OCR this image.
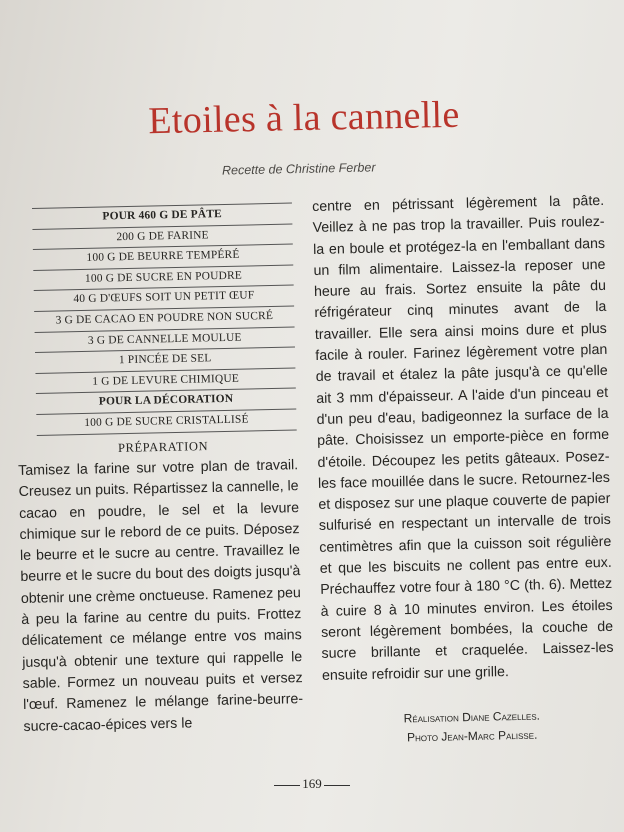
Etoiles à la cannelle
Recette de Christine Ferber
POUR 460 G DE PÂTE
200 G DE FARINE
100 G DE BEURRE TEMPÉRÉ
100 G DE SUCRE EN POUDRE
40 G D'ŒUFS SOIT UN PETIT ŒUF
3 G DE CACAO EN POUDRE NON SUCRÉ
3 G DE CANNELLE MOULUE
1 PINCÉE DE SEL
1 G DE LEVURE CHIMIQUE
POUR LA DÉCORATION
100 G DE SUCRE CRISTALLISÉ
PRÉPARATION
Tamisez la farine sur votre plan de travail. Creusez un puits. Répartissez la cannelle, le cacao en poudre, le sel et la levure chimique sur le rebord de ce puits. Déposez le beurre et le sucre au centre. Travaillez le beurre et le sucre du bout des doigts jusqu'à obtenir une crème onctueuse. Ramenez peu à peu la farine au centre du puits. Frottez délicatement ce mélange entre vos mains jusqu'à obtenir une texture qui rappelle le sable. Formez un nouveau puits et versez l'œuf. Ramenez le mélange farine-beurre-sucre-cacao-épices vers le
centre en pétrissant légèrement la pâte. Veillez à ne pas trop la travailler. Puis roulez-la en boule et protégez-la en l'emballant dans un film alimentaire. Laissez-la reposer une heure au frais. Sortez ensuite la pâte du réfrigérateur cinq minutes avant de la travailler. Elle sera ainsi moins dure et plus facile à rouler. Farinez légèrement votre plan de travail et étalez la pâte jusqu'à ce qu'elle ait 3 mm d'épaisseur. A l'aide d'un pinceau et d'un peu d'eau, badigeonnez la surface de la pâte. Choisissez un emporte-pièce en forme d'étoile. Découpez les petits gâteaux. Posez-les face mouillée dans le sucre. Retournez-les et disposez sur une plaque couverte de papier sulfurisé en respectant un intervalle de trois centimètres afin que la cuisson soit régulière et que les biscuits ne collent pas entre eux. Préchauffez votre four à 180 °C (th. 6). Mettez à cuire 8 à 10 minutes environ. Les étoiles seront légèrement bombées, la couche de sucre brillante et craquelée. Laissez-les ensuite refroidir sur une grille.
Réalisation Diane Cazelles.
Photo Jean-Marc Palisse.
169
